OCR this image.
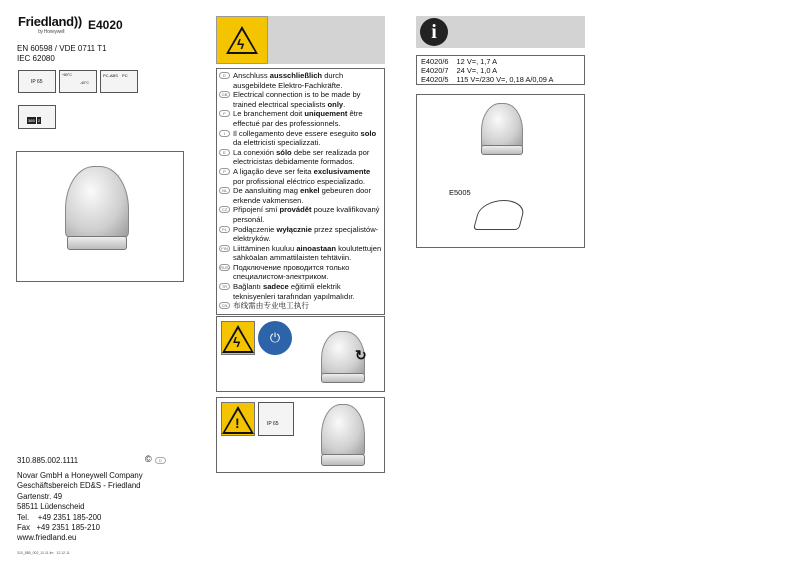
Friedland))
by Honeywell	E4020
EN 60598 / VDE 0711 T1
IEC 62080
IP 65
+80°C

-40°C
PC-ABS PC
365 2
310.885.002.1111	©	D
Novar GmbH a Honeywell Company
Geschäftsbereich ED&S - Friedland
Gartenstr. 49
58511 Lüdenscheid
Tel.    +49 2351 185-200
Fax   +49 2351 185-210
www.friedland.eu
310_885_002_11.11.fm   12.12.11
ϟ
D Anschluss ausschließlich durch ausgebildete Elektro-Fachkräfte.
GB Electrical connection is to be made by trained electrical specialists only.
F Le branchement doit uniquement être effectué par des professionnels.
I	Il collegamento deve essere eseguito solo da elettricisti specializzati.
E La conexión sólo debe ser realizada por electricistas debidamente formados.
P A ligação deve ser feita exclusivamente por profissional eléctrico especializado.
NL De aansluiting mag enkel gebeuren door erkende vakmensen.
CZ Připojení smí provádět pouze kvalifikovaný personál.
PL Podłączenie wyłącznie przez specjalistów-elektryków.
FIN Liittäminen kuuluu ainoastaan koulutettujen sähköalan ammattilaisten tehtäviin.
RUS Подключение проводится только специалистом-электриком.
TR Bağlantı sadece eğitimli elektrik teknisyenleri tarafından yapılmalıdır.
CN 布线需由专业电工执行
ϟ	⏻
↻
!	IP 65
i
E4020/6	12 V=, 1,7 A
E4020/7	24 V=, 1,0 A
E4020/5	115 V=/230 V=, 0,18 A/0,09 A
E5005
